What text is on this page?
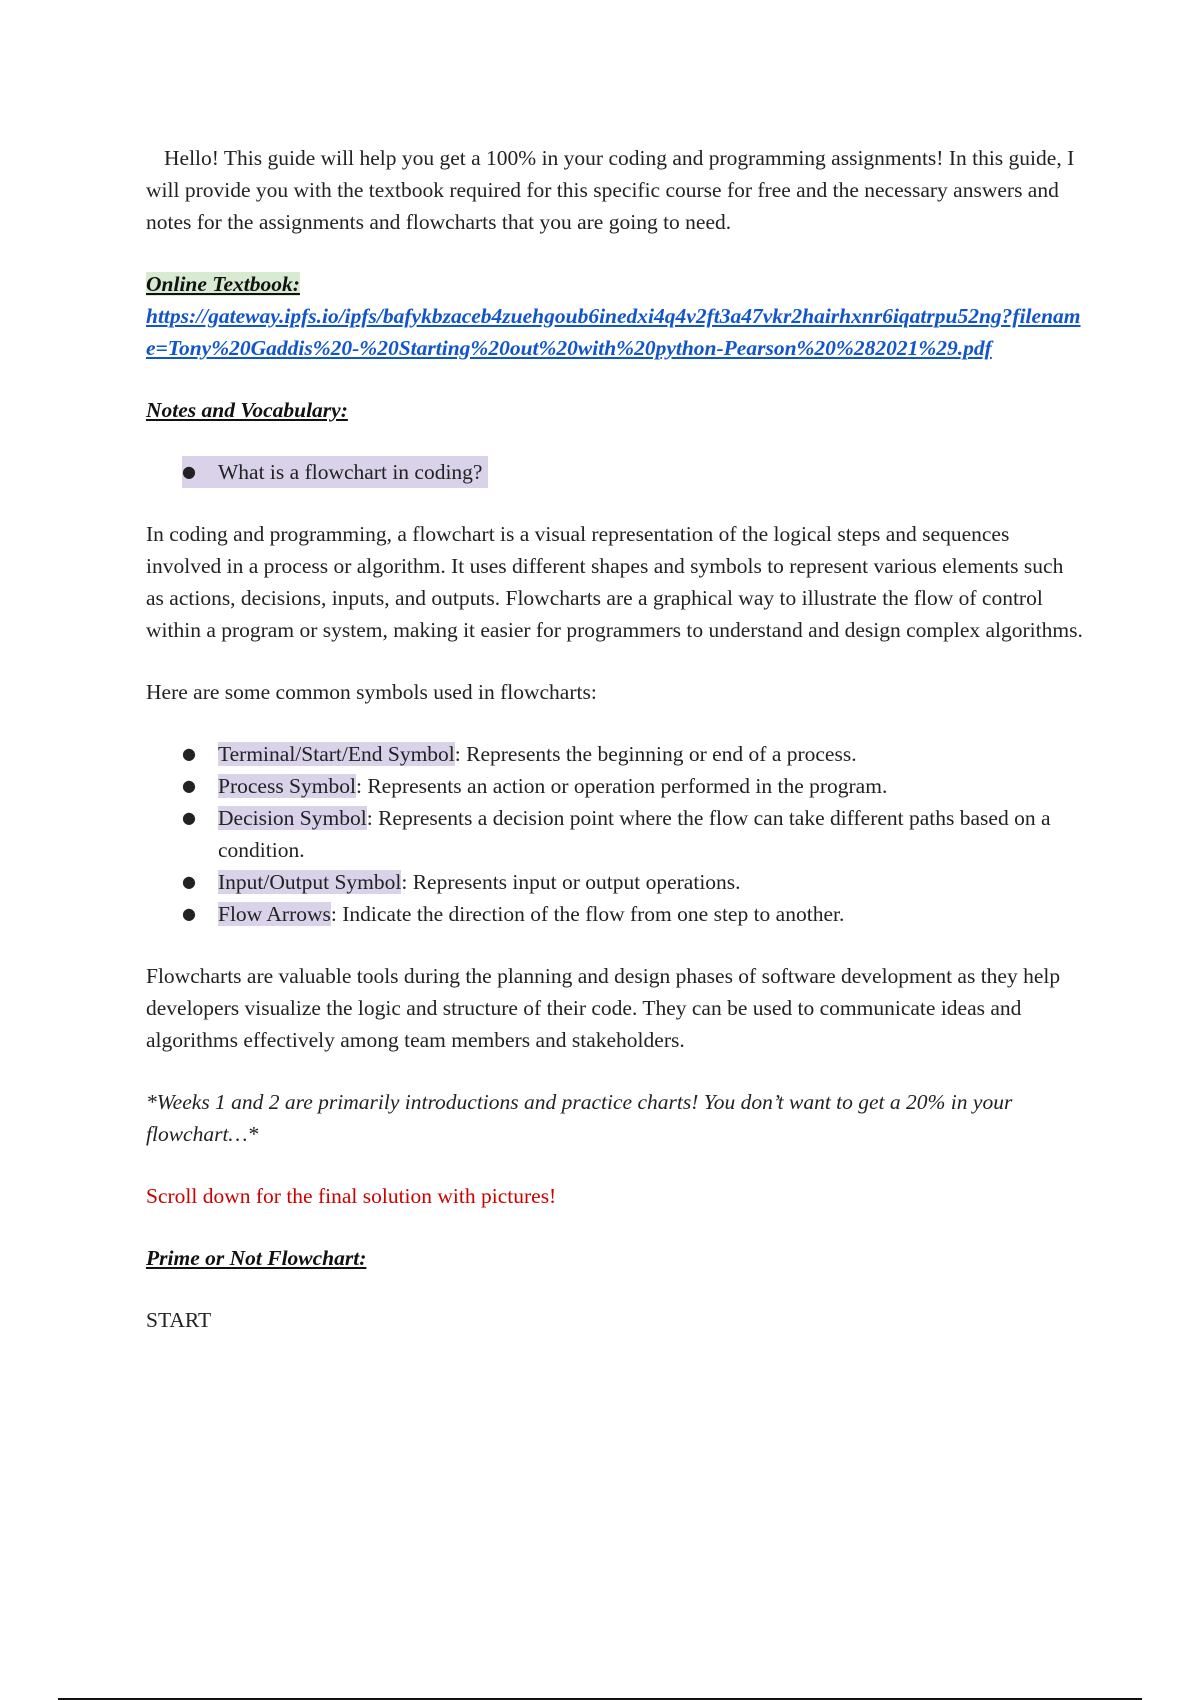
Hello! This guide will help you get a 100% in your coding and programming assignments! In this guide, I will provide you with the textbook required for this specific course for free and the necessary answers and notes for the assignments and flowcharts that you are going to need.

Online Textbook:

https://gateway.ipfs.io/ipfs/bafykbzaceb4zuehgoub6inedxi4q4v2ft3a47vkr2hairhxnr6iqatrpu52ng?filename=Tony%20Gaddis%20-%20Starting%20out%20with%20python-Pearson%20%282021%29.pdf

Notes and Vocabulary:

● What is a flowchart in coding?

In coding and programming, a flowchart is a visual representation of the logical steps and sequences involved in a process or algorithm. It uses different shapes and symbols to represent various elements such as actions, decisions, inputs, and outputs. Flowcharts are a graphical way to illustrate the flow of control within a program or system, making it easier for programmers to understand and design complex algorithms.

Here are some common symbols used in flowcharts:

● Terminal/Start/End Symbol: Represents the beginning or end of a process.
● Process Symbol: Represents an action or operation performed in the program.
● Decision Symbol: Represents a decision point where the flow can take different paths based on a condition.
● Input/Output Symbol: Represents input or output operations.
● Flow Arrows: Indicate the direction of the flow from one step to another.

Flowcharts are valuable tools during the planning and design phases of software development as they help developers visualize the logic and structure of their code. They can be used to communicate ideas and algorithms effectively among team members and stakeholders.

*Weeks 1 and 2 are primarily introductions and practice charts! You don’t want to get a 20% in your flowchart…*

Scroll down for the final solution with pictures!

Prime or Not Flowchart:

START
